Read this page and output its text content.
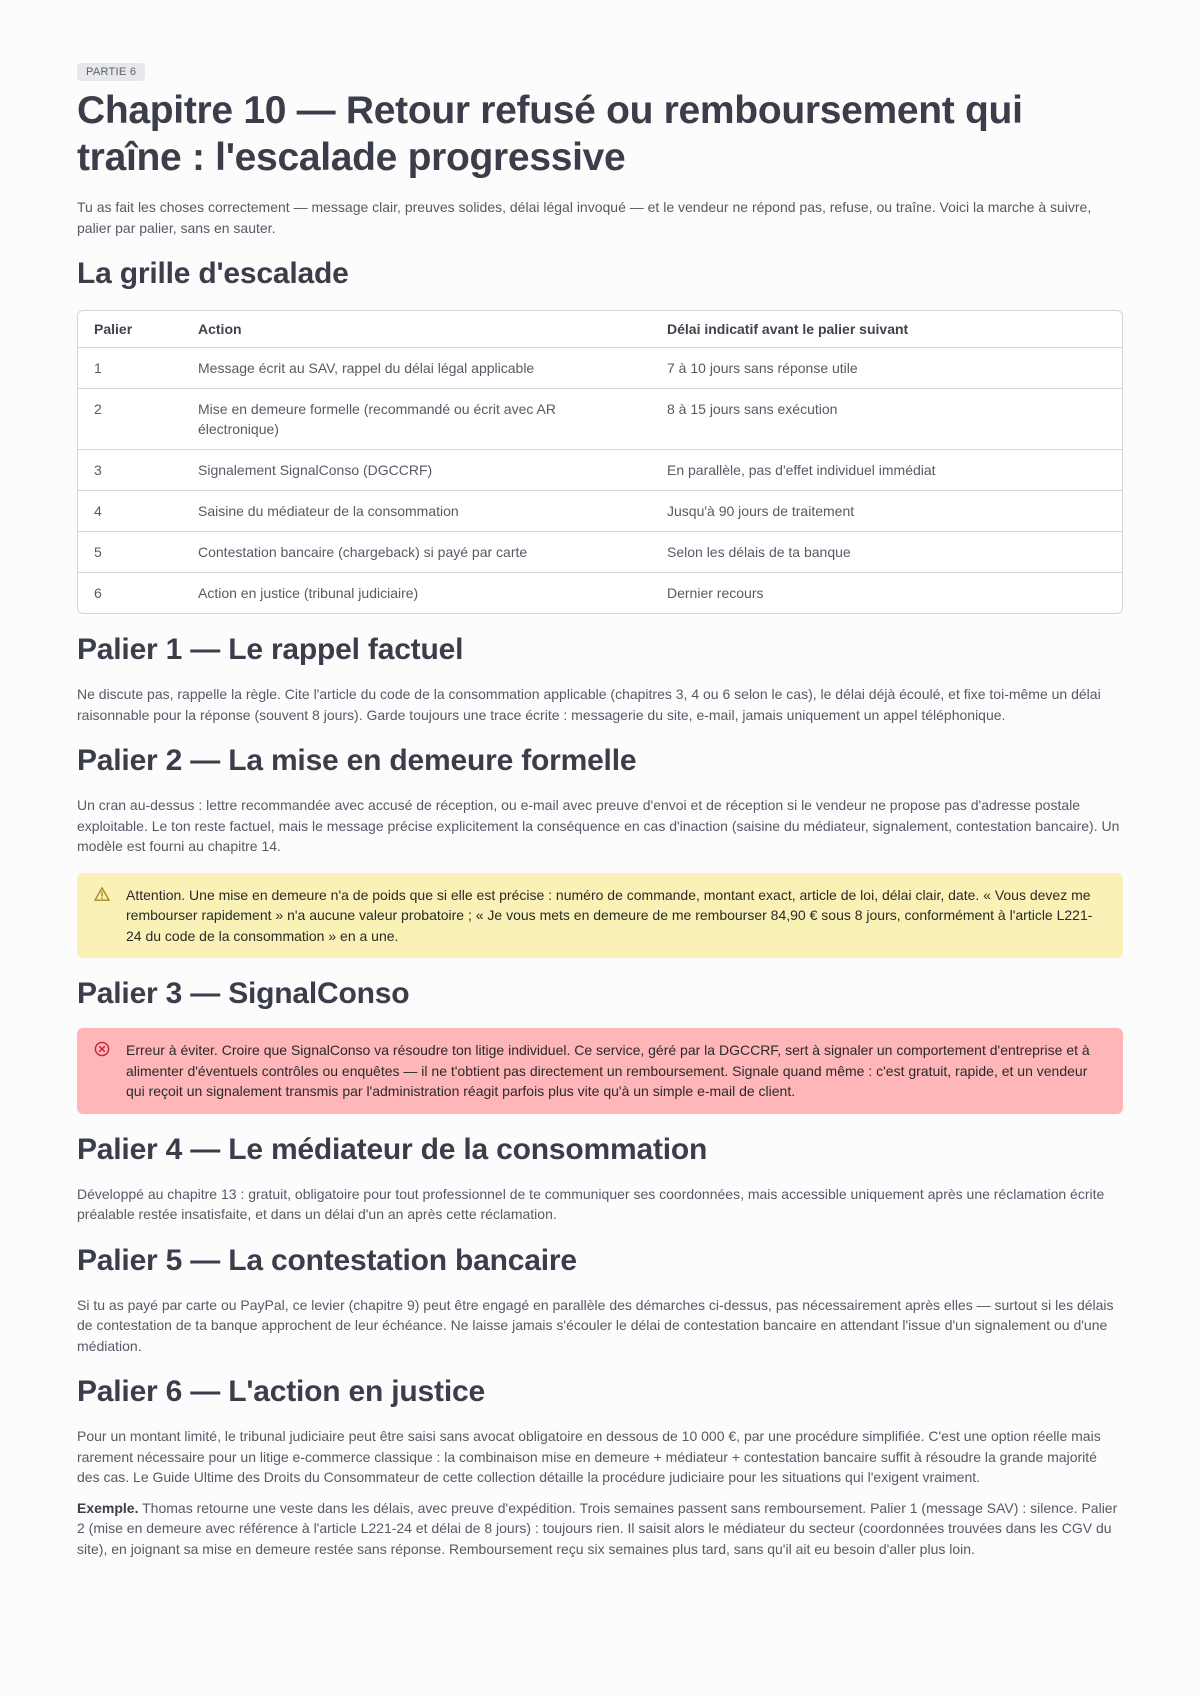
PARTIE 6
Chapitre 10 — Retour refusé ou remboursement qui traîne : l'escalade progressive

Tu as fait les choses correctement — message clair, preuves solides, délai légal invoqué — et le vendeur ne répond pas, refuse, ou traîne. Voici la marche à suivre, palier par palier, sans en sauter.

La grille d'escalade
Palier	Action	Délai indicatif avant le palier suivant
1	Message écrit au SAV, rappel du délai légal applicable	7 à 10 jours sans réponse utile
2	Mise en demeure formelle (recommandé ou écrit avec AR électronique)	8 à 15 jours sans exécution
3	Signalement SignalConso (DGCCRF)	En parallèle, pas d'effet individuel immédiat
4	Saisine du médiateur de la consommation	Jusqu'à 90 jours de traitement
5	Contestation bancaire (chargeback) si payé par carte	Selon les délais de ta banque
6	Action en justice (tribunal judiciaire)	Dernier recours
Palier 1 — Le rappel factuel

Ne discute pas, rappelle la règle. Cite l'article du code de la consommation applicable (chapitres 3, 4 ou 6 selon le cas), le délai déjà écoulé, et fixe toi-même un délai raisonnable pour la réponse (souvent 8 jours). Garde toujours une trace écrite : messagerie du site, e-mail, jamais uniquement un appel téléphonique.

Palier 2 — La mise en demeure formelle

Un cran au-dessus : lettre recommandée avec accusé de réception, ou e-mail avec preuve d'envoi et de réception si le vendeur ne propose pas d'adresse postale exploitable. Le ton reste factuel, mais le message précise explicitement la conséquence en cas d'inaction (saisine du médiateur, signalement, contestation bancaire). Un modèle est fourni au chapitre 14.

Attention. Une mise en demeure n'a de poids que si elle est précise : numéro de commande, montant exact, article de loi, délai clair, date. « Vous devez me rembourser rapidement » n'a aucune valeur probatoire ; « Je vous mets en demeure de me rembourser 84,90 € sous 8 jours, conformément à l'article L221-24 du code de la consommation » en a une.
Palier 3 — SignalConso
Erreur à éviter. Croire que SignalConso va résoudre ton litige individuel. Ce service, géré par la DGCCRF, sert à signaler un comportement d'entreprise et à alimenter d'éventuels contrôles ou enquêtes — il ne t'obtient pas directement un remboursement. Signale quand même : c'est gratuit, rapide, et un vendeur qui reçoit un signalement transmis par l'administration réagit parfois plus vite qu'à un simple e-mail de client.
Palier 4 — Le médiateur de la consommation

Développé au chapitre 13 : gratuit, obligatoire pour tout professionnel de te communiquer ses coordonnées, mais accessible uniquement après une réclamation écrite préalable restée insatisfaite, et dans un délai d'un an après cette réclamation.

Palier 5 — La contestation bancaire

Si tu as payé par carte ou PayPal, ce levier (chapitre 9) peut être engagé en parallèle des démarches ci-dessus, pas nécessairement après elles — surtout si les délais de contestation de ta banque approchent de leur échéance. Ne laisse jamais s'écouler le délai de contestation bancaire en attendant l'issue d'un signalement ou d'une médiation.

Palier 6 — L'action en justice

Pour un montant limité, le tribunal judiciaire peut être saisi sans avocat obligatoire en dessous de 10 000 €, par une procédure simplifiée. C'est une option réelle mais rarement nécessaire pour un litige e-commerce classique : la combinaison mise en demeure + médiateur + contestation bancaire suffit à résoudre la grande majorité des cas. Le Guide Ultime des Droits du Consommateur de cette collection détaille la procédure judiciaire pour les situations qui l'exigent vraiment.

Exemple. Thomas retourne une veste dans les délais, avec preuve d'expédition. Trois semaines passent sans remboursement. Palier 1 (message SAV) : silence. Palier 2 (mise en demeure avec référence à l'article L221-24 et délai de 8 jours) : toujours rien. Il saisit alors le médiateur du secteur (coordonnées trouvées dans les CGV du site), en joignant sa mise en demeure restée sans réponse. Remboursement reçu six semaines plus tard, sans qu'il ait eu besoin d'aller plus loin.
